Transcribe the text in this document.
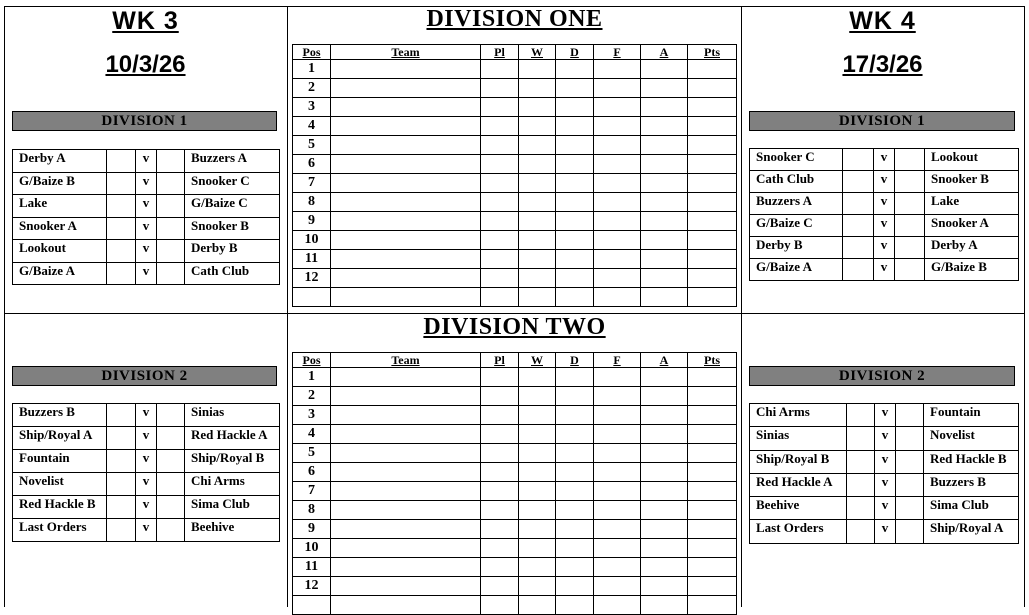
WK 3
10/3/26
WK 4
17/3/26
DIVISION 1	DIVISION 1
DIVISION 2	DIVISION 2
Derby A		v		Buzzers A
G/Baize B		v		Snooker C
Lake		v		G/Baize C
Snooker A		v		Snooker B
Lookout		v		Derby B
G/Baize A		v		Cath Club
Buzzers B		v		Sinias
Ship/Royal A		v		Red Hackle A
Fountain		v		Ship/Royal B
Novelist		v		Chi Arms
Red Hackle B		v		Sima Club
Last Orders		v		Beehive
Snooker C		v		Lookout
Cath Club		v		Snooker B
Buzzers A		v		Lake
G/Baize C		v		Snooker A
Derby B		v		Derby A
G/Baize A		v		G/Baize B
Chi Arms		v		Fountain
Sinias		v		Novelist
Ship/Royal B		v		Red Hackle B
Red Hackle A		v		Buzzers B
Beehive		v		Sima Club
Last Orders		v		Ship/Royal A
DIVISION ONE
Pos	Team	Pl	W	D	F	A	Pts
1							
2							
3							
4							
5							
6							
7							
8							
9							
10							
11							
12							

DIVISION TWO
Pos	Team	Pl	W	D	F	A	Pts
1							
2							
3							
4							
5							
6							
7							
8							
9							
10							
11							
12							
